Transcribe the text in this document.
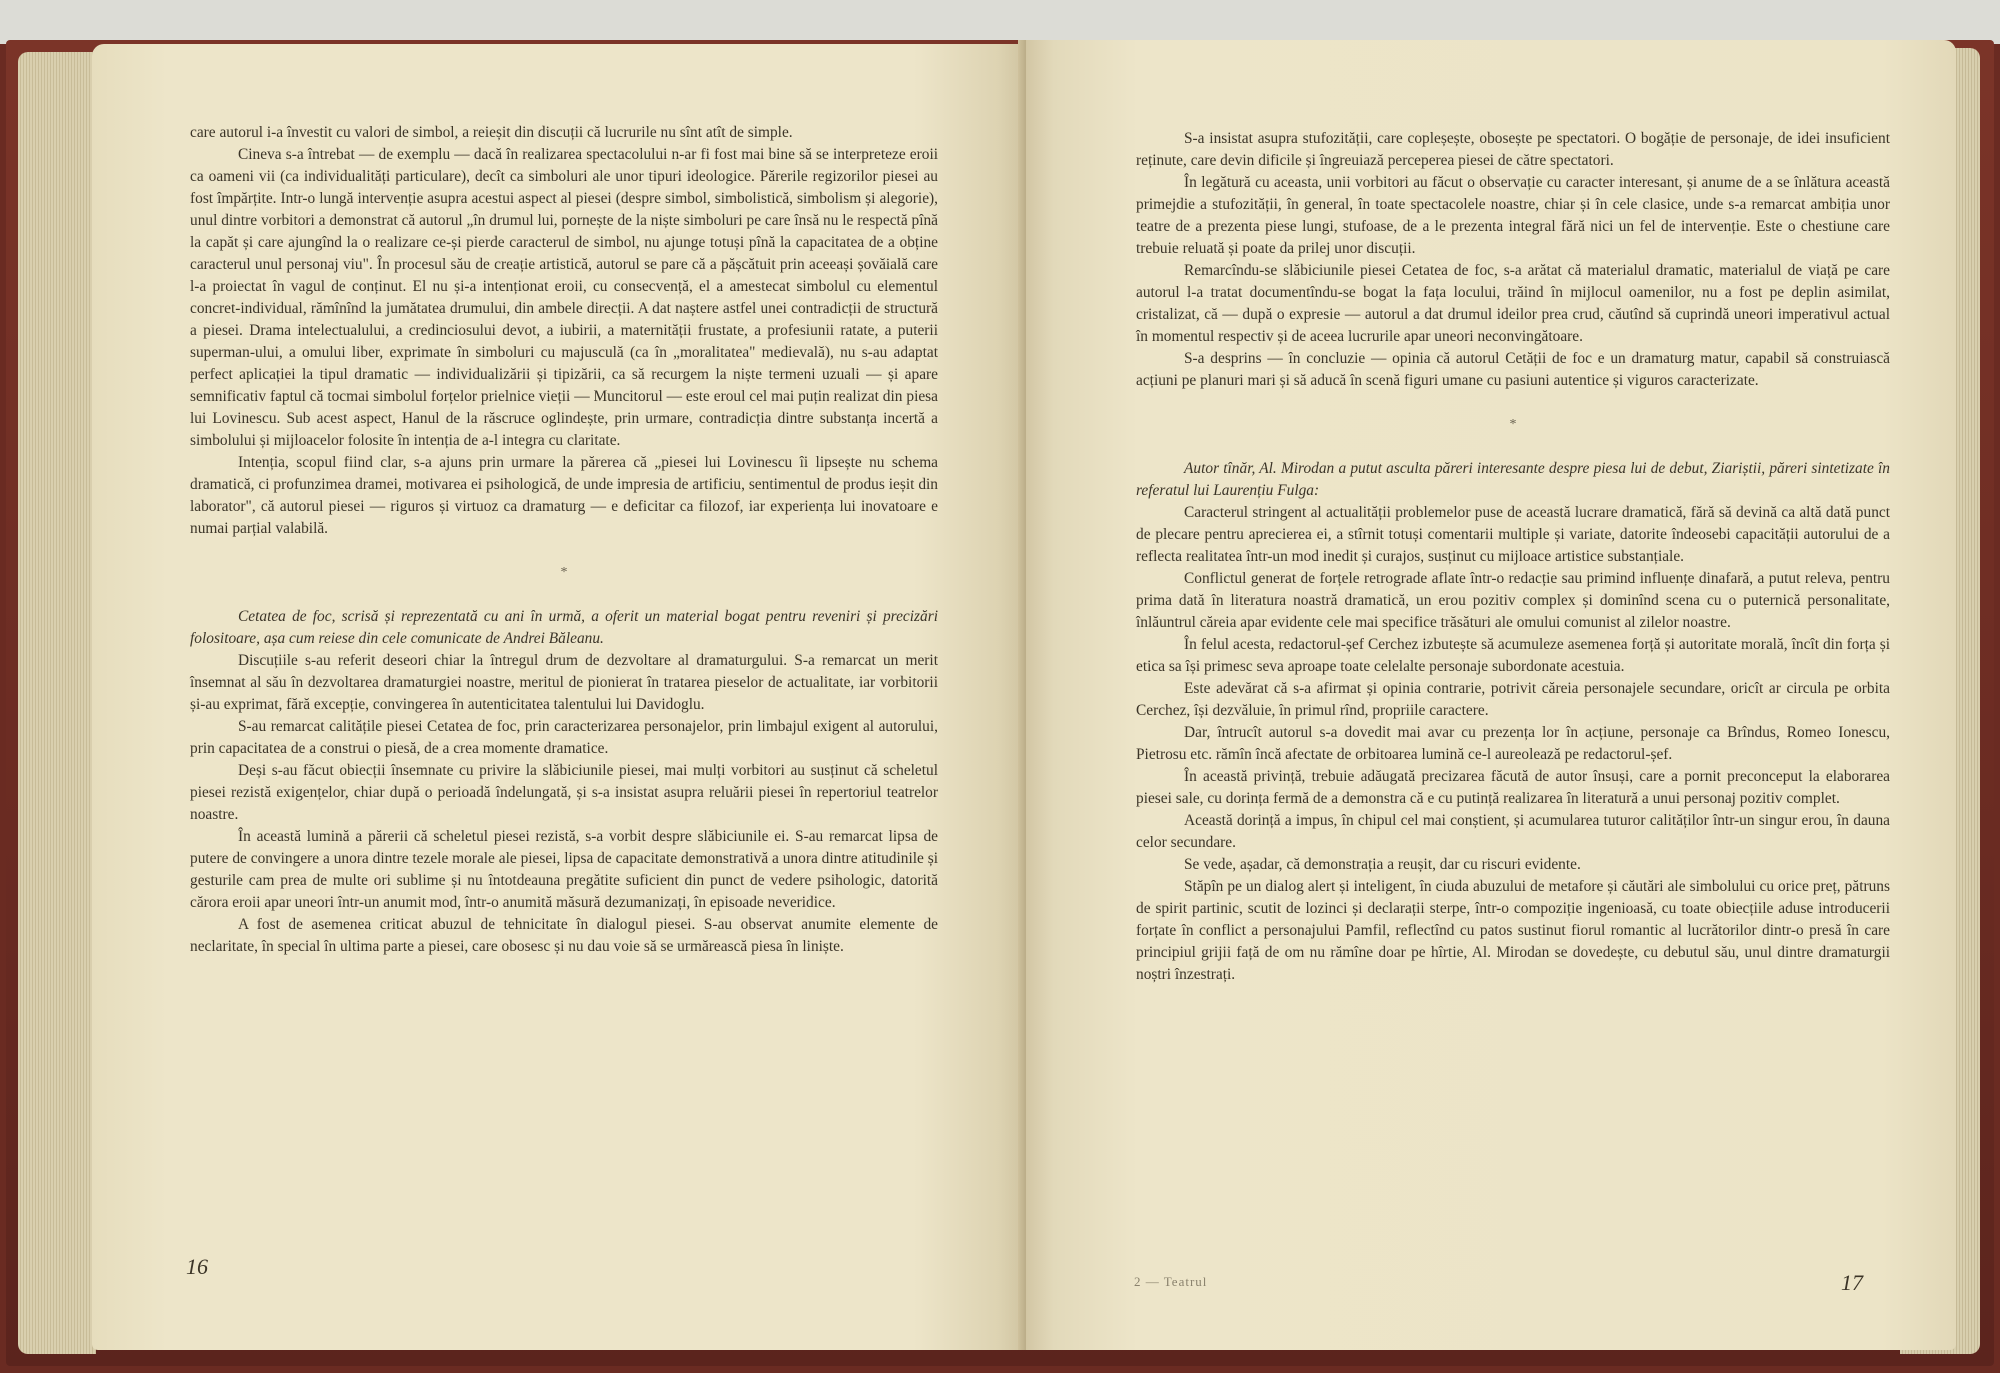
care autorul i-a învestit cu valori de simbol, a reieșit din discuții că lucrurile nu sînt atît de simple.

Cineva s-a întrebat — de exemplu — dacă în realizarea spectacolului n-ar fi fost mai bine să se interpreteze eroii ca oameni vii (ca individualități particulare), decît ca simboluri ale unor tipuri ideologice. Părerile regizorilor piesei au fost împărțite. Intr-o lungă intervenție asupra acestui aspect al piesei (despre simbol, simbolistică, simbolism și alegorie), unul dintre vorbitori a demonstrat că autorul „în drumul lui, pornește de la niște simboluri pe care însă nu le respectă pînă la capăt și care ajungînd la o realizare ce-și pierde caracterul de simbol, nu ajunge totuși pînă la capacitatea de a obține caracterul unul personaj viu". În procesul său de creație artistică, autorul se pare că a pășcătuit prin aceeași șovăială care l-a proiectat în vagul de conținut. El nu și-a intenționat eroii, cu consecvență, el a amestecat simbolul cu elementul concret-individual, rămînînd la jumătatea drumului, din ambele direcții. A dat naștere astfel unei contradicții de structură a piesei. Drama intelectualului, a credinciosului devot, a iubirii, a maternității frustate, a profesiunii ratate, a puterii superman-ului, a omului liber, exprimate în simboluri cu majusculă (ca în „moralitatea" medievală), nu s-au adaptat perfect aplicației la tipul dramatic — individualizării și tipizării, ca să recurgem la niște termeni uzuali — și apare semnificativ faptul că tocmai simbolul forțelor prielnice vieții — Muncitorul — este eroul cel mai puțin realizat din piesa lui Lovinescu. Sub acest aspect, Hanul de la răscruce oglindește, prin urmare, contradicția dintre substanța incertă a simbolului și mijloacelor folosite în intenția de a-l integra cu claritate.

Intenția, scopul fiind clar, s-a ajuns prin urmare la părerea că „piesei lui Lovinescu îi lipsește nu schema dramatică, ci profunzimea dramei, motivarea ei psihologică, de unde impresia de artificiu, sentimentul de produs ieșit din laborator", că autorul piesei — riguros și virtuoz ca dramaturg — e deficitar ca filozof, iar experiența lui inovatoare e numai parțial valabilă.

*

Cetatea de foc, scrisă și reprezentată cu ani în urmă, a oferit un material bogat pentru reveniri și precizări folositoare, așa cum reiese din cele comunicate de Andrei Băleanu.

Discuțiile s-au referit deseori chiar la întregul drum de dezvoltare al dramaturgului. S-a remarcat un merit însemnat al său în dezvoltarea dramaturgiei noastre, meritul de pionierat în tratarea pieselor de actualitate, iar vorbitorii și-au exprimat, fără excepție, convingerea în autenticitatea talentului lui Davidoglu.

S-au remarcat calitățile piesei Cetatea de foc, prin caracterizarea personajelor, prin limbajul exigent al autorului, prin capacitatea de a construi o piesă, de a crea momente dramatice.

Deși s-au făcut obiecții însemnate cu privire la slăbiciunile piesei, mai mulți vorbitori au susținut că scheletul piesei rezistă exigențelor, chiar după o perioadă îndelungată, și s-a insistat asupra reluării piesei în repertoriul teatrelor noastre.

În această lumină a părerii că scheletul piesei rezistă, s-a vorbit despre slăbiciunile ei. S-au remarcat lipsa de putere de convingere a unora dintre tezele morale ale piesei, lipsa de capacitate demonstrativă a unora dintre atitudinile și gesturile cam prea de multe ori sublime și nu întotdeauna pregătite suficient din punct de vedere psihologic, datorită cărora eroii apar uneori într-un anumit mod, într-o anumită măsură dezumanizați, în episoade neveridice.

A fost de asemenea criticat abuzul de tehnicitate în dialogul piesei. S-au observat anumite elemente de neclaritate, în special în ultima parte a piesei, care obosesc și nu dau voie să se urmărească piesa în liniște.

16

S-a insistat asupra stufozității, care copleșește, obosește pe spectatori. O bogăție de personaje, de idei insuficient reținute, care devin dificile și îngreuiază perceperea piesei de către spectatori.

În legătură cu aceasta, unii vorbitori au făcut o observație cu caracter interesant, și anume de a se înlătura această primejdie a stufozității, în general, în toate spectacolele noastre, chiar și în cele clasice, unde s-a remarcat ambiția unor teatre de a prezenta piese lungi, stufoase, de a le prezenta integral fără nici un fel de intervenție. Este o chestiune care trebuie reluată și poate da prilej unor discuții.

Remarcîndu-se slăbiciunile piesei Cetatea de foc, s-a arătat că materialul dramatic, materialul de viață pe care autorul l-a tratat documentîndu-se bogat la fața locului, trăind în mijlocul oamenilor, nu a fost pe deplin asimilat, cristalizat, că — după o expresie — autorul a dat drumul ideilor prea crud, căutînd să cuprindă uneori imperativul actual în momentul respectiv și de aceea lucrurile apar uneori neconvingătoare.

S-a desprins — în concluzie — opinia că autorul Cetății de foc e un dramaturg matur, capabil să construiască acțiuni pe planuri mari și să aducă în scenă figuri umane cu pasiuni autentice și viguros caracterizate.

*

Autor tînăr, Al. Mirodan a putut asculta păreri interesante despre piesa lui de debut, Ziariștii, păreri sintetizate în referatul lui Laurențiu Fulga:

Caracterul stringent al actualității problemelor puse de această lucrare dramatică, fără să devină ca altă dată punct de plecare pentru aprecierea ei, a stîrnit totuși comentarii multiple și variate, datorite îndeosebi capacității autorului de a reflecta realitatea într-un mod inedit și curajos, susținut cu mijloace artistice substanțiale.

Conflictul generat de forțele retrograde aflate într-o redacție sau primind influențe dinafară, a putut releva, pentru prima dată în literatura noastră dramatică, un erou pozitiv complex și dominînd scena cu o puternică personalitate, înlăuntrul căreia apar evidente cele mai specifice trăsături ale omului comunist al zilelor noastre.

În felul acesta, redactorul-șef Cerchez izbutește să acumuleze asemenea forță și autoritate morală, încît din forța și etica sa își primesc seva aproape toate celelalte personaje subordonate acestuia.

Este adevărat că s-a afirmat și opinia contrarie, potrivit căreia personajele secundare, oricît ar circula pe orbita Cerchez, își dezvăluie, în primul rînd, propriile caractere.

Dar, întrucît autorul s-a dovedit mai avar cu prezența lor în acțiune, personaje ca Brîndus, Romeo Ionescu, Pietrosu etc. rămîn încă afectate de orbitoarea lumină ce-l aureolează pe redactorul-șef.

În această privință, trebuie adăugată precizarea făcută de autor însuși, care a pornit preconceput la elaborarea piesei sale, cu dorința fermă de a demonstra că e cu putință realizarea în literatură a unui personaj pozitiv complet.

Această dorință a impus, în chipul cel mai conștient, și acumularea tuturor calităților într-un singur erou, în dauna celor secundare.

Se vede, așadar, că demonstrația a reușit, dar cu riscuri evidente.

Stăpîn pe un dialog alert și inteligent, în ciuda abuzului de metafore și căutări ale simbolului cu orice preț, pătruns de spirit partinic, scutit de lozinci și declarații sterpe, într-o compoziție ingenioasă, cu toate obiecțiile aduse introducerii forțate în conflict a personajului Pamfil, reflectînd cu patos sustinut fiorul romantic al lucrătorilor dintr-o presă în care principiul grijii față de om nu rămîne doar pe hîrtie, Al. Mirodan se dovedește, cu debutul său, unul dintre dramaturgii noștri înzestrați.

2 — Teatrul	17
